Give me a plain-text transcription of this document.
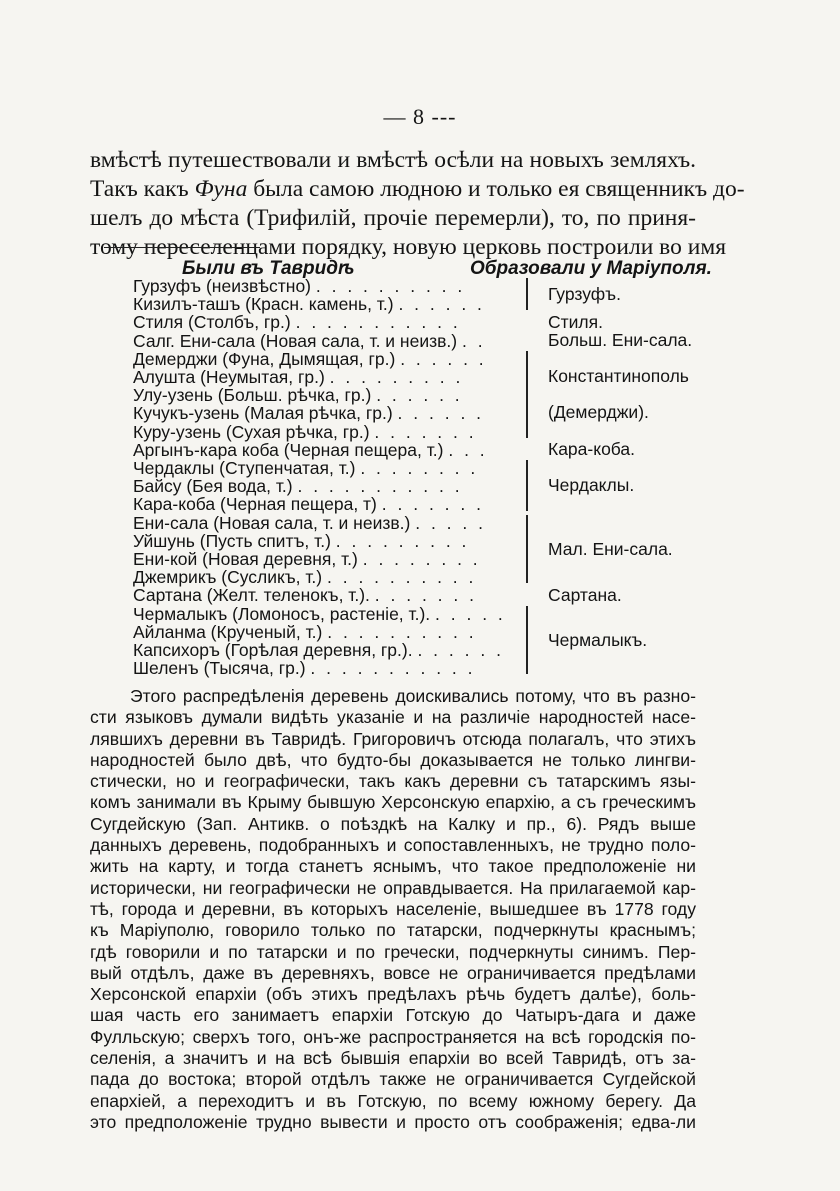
— 8 ---
вмѣстѣ путешествовали и вмѣстѣ осѣли на новыхъ земляхъ.
Такъ какъ Фуна была самою людною и только ея священникъ до-
шелъ до мѣста (Трифилій, прочіе перемерли), то, по приня-
тому переселенцами порядку, новую церковь построили во имя
Были въ Тавридѣ	Образовали у Маріуполя.
Гурзуфъ (неизвѣстно) . . . . . . . . . .
Кизилъ-ташъ (Красн. камень, т.) . . . . . .
Стиля (Столбъ, гр.) . . . . . . . . . . .
Салг. Ени-сала (Новая сала, т. и неизв.) . .
Демерджи (Фуна, Дымящая, гр.) . . . . . .
Алушта (Неумытая, гр.) . . . . . . . . .
Улу-узень (Больш. рѣчка, гр.) . . . . . .
Кучукъ-узень (Малая рѣчка, гр.) . . . . . .
Куру-узень (Сухая рѣчка, гр.) . . . . . . .
Аргынъ-кара коба (Черная пещера, т.) . . .
Чердаклы (Ступенчатая, т.) . . . . . . . .
Байсу (Бея вода, т.) . . . . . . . . . . .
Кара-коба (Черная пещера, т) . . . . . . .
Ени-сала (Новая сала, т. и неизв.) . . . . .
Уйшунь (Пусть спитъ, т.) . . . . . . . . .
Ени-кой (Новая деревня, т.) . . . . . . . .
Джемрикъ (Сусликъ, т.) . . . . . . . . . .
Сартана (Желт. теленокъ, т.). . . . . . . .
Чермалыкъ (Ломоносъ, растеніе, т.). . . . . .
Айланма (Крученый, т.) . . . . . . . . . .
Капсихоръ (Горѣлая деревня, гр.). . . . . . .
Шеленъ (Тысяча, гр.) . . . . . . . . . . .
Гурзуфъ.
Стиля.
Больш. Ени-сала.
Константинополь
(Демерджи).
Кара-коба.
Чердаклы.
Мал. Ени-сала.
Сартана.
Чермалыкъ.
Этого распредѣленія деревень доискивались потому, что въ разно-
сти языковъ думали видѣть указаніе и на различіе народностей насе-
лявшихъ деревни въ Тавридѣ. Григоровичъ отсюда полагалъ, что этихъ
народностей было двѣ, что будто-бы доказывается не только лингви-
стически, но и географически, такъ какъ деревни съ татарскимъ язы-
комъ занимали въ Крыму бывшую Херсонскую епархію, а съ греческимъ
Сугдейскую (Зап. Антикв. о поѣздкѣ на Калку и пр., 6). Рядъ выше
данныхъ деревень, подобранныхъ и сопоставленныхъ, не трудно поло-
жить на карту, и тогда станетъ яснымъ, что такое предположеніе ни
исторически, ни географически не оправдывается. На прилагаемой кар-
тѣ, города и деревни, въ которыхъ населеніе, вышедшее въ 1778 году
къ Маріуполю, говорило только по татарски, подчеркнуты краснымъ;
гдѣ говорили и по татарски и по гречески, подчеркнуты синимъ. Пер-
вый отдѣлъ, даже въ деревняхъ, вовсе не ограничивается предѣлами
Херсонской епархіи (объ этихъ предѣлахъ рѣчь будетъ далѣе), боль-
шая часть его занимаетъ епархіи Готскую до Чатыръ-дага и даже
Фулльскую; сверхъ того, онъ-же распространяется на всѣ городскія по-
селенія, а значитъ и на всѣ бывшія епархіи во всей Тавридѣ, отъ за-
пада до востока; второй отдѣлъ также не ограничивается Сугдейской
епархіей, а переходитъ и въ Готскую, по всему южному берегу. Да
это предположеніе трудно вывести и просто отъ соображенія; едва-ли
